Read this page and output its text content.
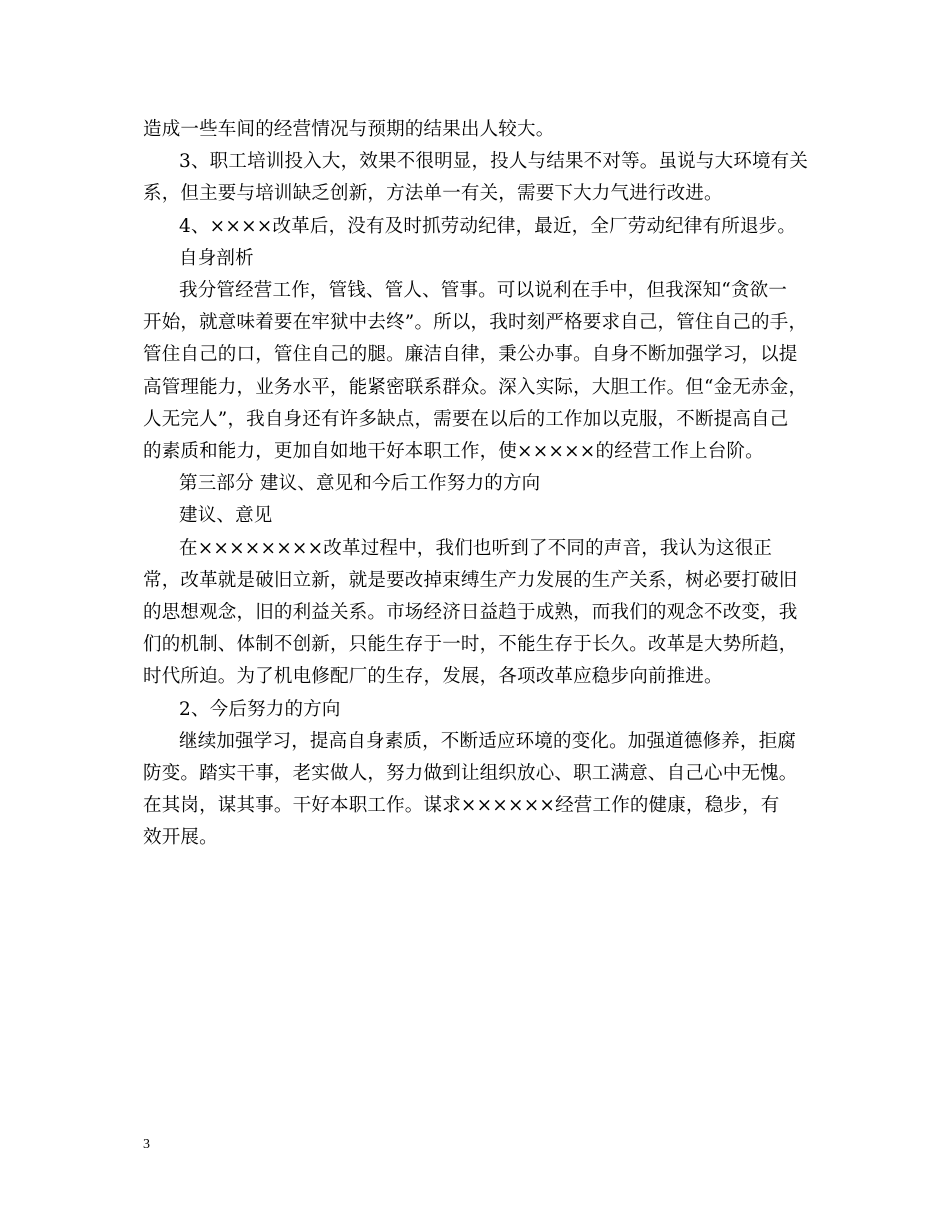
造成一些车间的经营情况与预期的结果出人较大。
3、职工培训投入大，效果不很明显，投人与结果不对等。虽说与大环境有关
系，但主要与培训缺乏创新，方法单一有关，需要下大力气进行改进。
4、××××改革后，没有及时抓劳动纪律，最近，全厂劳动纪律有所退步。
自身剖析
我分管经营工作，管钱、管人、管事。可以说利在手中，但我深知“贪欲一
开始，就意味着要在牢狱中去终”。所以，我时刻严格要求自己，管住自己的手，
管住自己的口，管住自己的腿。廉洁自律，秉公办事。自身不断加强学习，以提
高管理能力，业务水平，能紧密联系群众。深入实际，大胆工作。但“金无赤金，
人无完人”，我自身还有许多缺点，需要在以后的工作加以克服，不断提高自己
的素质和能力，更加自如地干好本职工作，使×××××的经营工作上台阶。
第三部分 建议、意见和今后工作努力的方向
建议、意见
在××××××××改革过程中，我们也听到了不同的声音，我认为这很正
常，改革就是破旧立新，就是要改掉束缚生产力发展的生产关系，树必要打破旧
的思想观念，旧的利益关系。市场经济日益趋于成熟，而我们的观念不改变，我
们的机制、体制不创新，只能生存于一时，不能生存于长久。改革是大势所趋，
时代所迫。为了机电修配厂的生存，发展，各项改革应稳步向前推进。
2、今后努力的方向
继续加强学习，提高自身素质，不断适应环境的变化。加强道德修养，拒腐
防变。踏实干事，老实做人，努力做到让组织放心、职工满意、自己心中无愧。
在其岗，谋其事。干好本职工作。谋求××××××经营工作的健康，稳步，有
效开展。
3
